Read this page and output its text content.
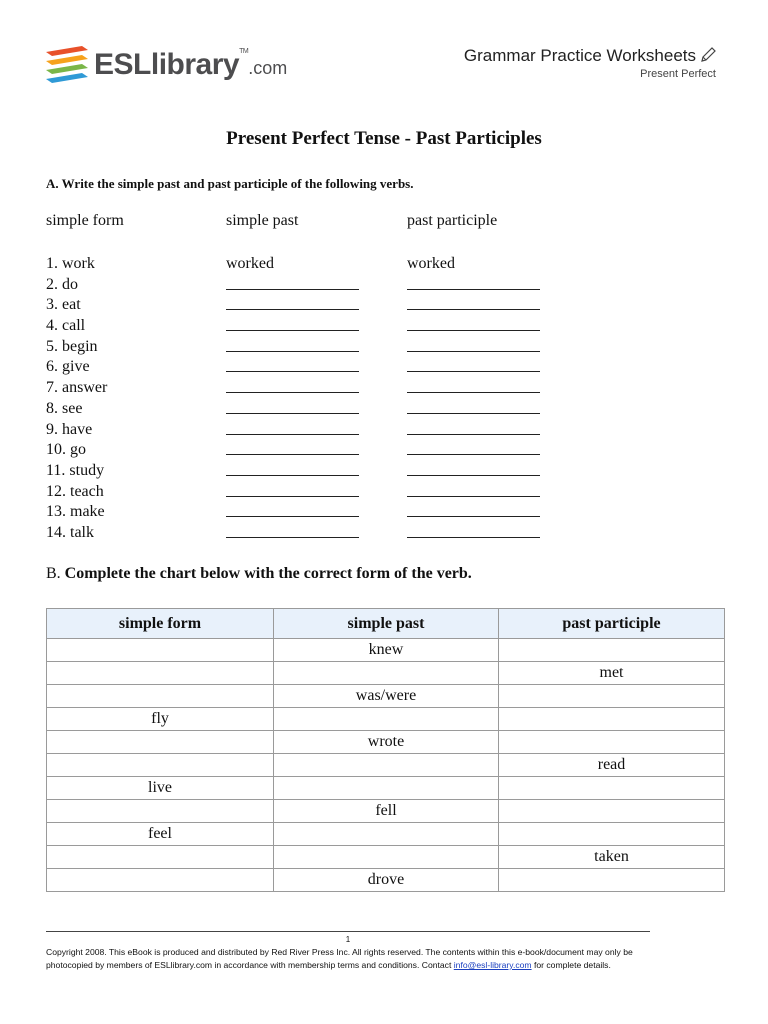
ESLlibrary™.com
Grammar Practice Worksheets
Present Perfect
Present Perfect Tense - Past Participles
A. Write the simple past and past participle of the following verbs.
simple form	simple past	past participle
1. work	worked	worked
2. do
3. eat
4. call
5. begin
6. give
7. answer
8. see
9. have
10. go
11. study
12. teach
13. make
14. talk
B. Complete the chart below with the correct form of the verb.
simple form	simple past	past participle
	knew	
		met
	was/were	
fly		
	wrote	
		read
live		
	fell	
feel		
		taken
	drove	
1
Copyright 2008. This eBook is produced and distributed by Red River Press Inc. All rights reserved. The contents within this e-book/document may only be
photocopied by members of ESLlibrary.com in accordance with membership terms and conditions. Contact info@esl-library.com for complete details.
